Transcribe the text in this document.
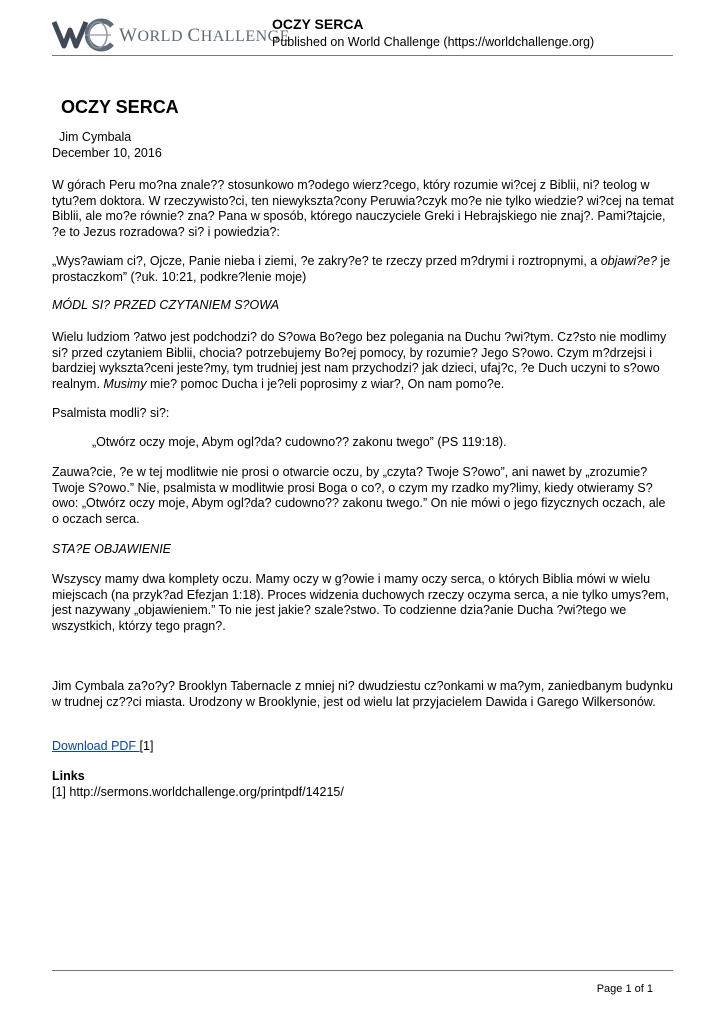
WORLD CHALLENGE
OCZY SERCA
Published on World Challenge (https://worldchallenge.org)
OCZY SERCA
Jim Cymbala
December 10, 2016
W górach Peru mo?na znale?? stosunkowo m?odego wierz?cego, który rozumie wi?cej z Biblii, ni? teolog w tytu?em doktora. W rzeczywisto?ci, ten niewykszta?cony Peruwia?czyk mo?e nie tylko wiedzie? wi?cej na temat Biblii, ale mo?e równie? zna? Pana w sposób, którego nauczyciele Greki i Hebrajskiego nie znaj?. Pami?tajcie, ?e to Jezus rozradowa? si? i powiedzia?:
„Wys?awiam ci?, Ojcze, Panie nieba i ziemi, ?e zakry?e? te rzeczy przed m?drymi i roztropnymi, a objawi?e? je prostaczkom” (?uk. 10:21, podkre?lenie moje)
MÓDL SI? PRZED CZYTANIEM S?OWA
Wielu ludziom ?atwo jest podchodzi? do S?owa Bo?ego bez polegania na Duchu ?wi?tym. Cz?sto nie modlimy si? przed czytaniem Biblii, chocia? potrzebujemy Bo?ej pomocy, by rozumie? Jego S?owo. Czym m?drzejsi i bardziej wykszta?ceni jeste?my, tym trudniej jest nam przychodzi? jak dzieci, ufaj?c, ?e Duch uczyni to s?owo realnym. Musimy mie? pomoc Ducha i je?eli poprosimy z wiar?, On nam pomo?e.
Psalmista modli? si?:
„Otwórz oczy moje, Abym ogl?da? cudowno?? zakonu twego” (PS 119:18).
Zauwa?cie, ?e w tej modlitwie nie prosi o otwarcie oczu, by „czyta? Twoje S?owo”, ani nawet by „zrozumie? Twoje S?owo.” Nie, psalmista w modlitwie prosi Boga o co?, o czym my rzadko my?limy, kiedy otwieramy S?owo: „Otwórz oczy moje, Abym ogl?da? cudowno?? zakonu twego.” On nie mówi o jego fizycznych oczach, ale o oczach serca.
STA?E OBJAWIENIE
Wszyscy mamy dwa komplety oczu. Mamy oczy w g?owie i mamy oczy serca, o których Biblia mówi w wielu miejscach (na przyk?ad Efezjan 1:18). Proces widzenia duchowych rzeczy oczyma serca, a nie tylko umys?em, jest nazywany „objawieniem.” To nie jest jakie? szale?stwo. To codzienne dzia?anie Ducha ?wi?tego we wszystkich, którzy tego pragn?.
Jim Cymbala za?o?y? Brooklyn Tabernacle z mniej ni? dwudziestu cz?onkami w ma?ym, zaniedbanym budynku w trudnej cz??ci miasta. Urodzony w Brooklynie, jest od wielu lat przyjacielem Dawida i Garego Wilkersonów.
Download PDF [1]
Links
[1] http://sermons.worldchallenge.org/printpdf/14215/
Page 1 of 1
